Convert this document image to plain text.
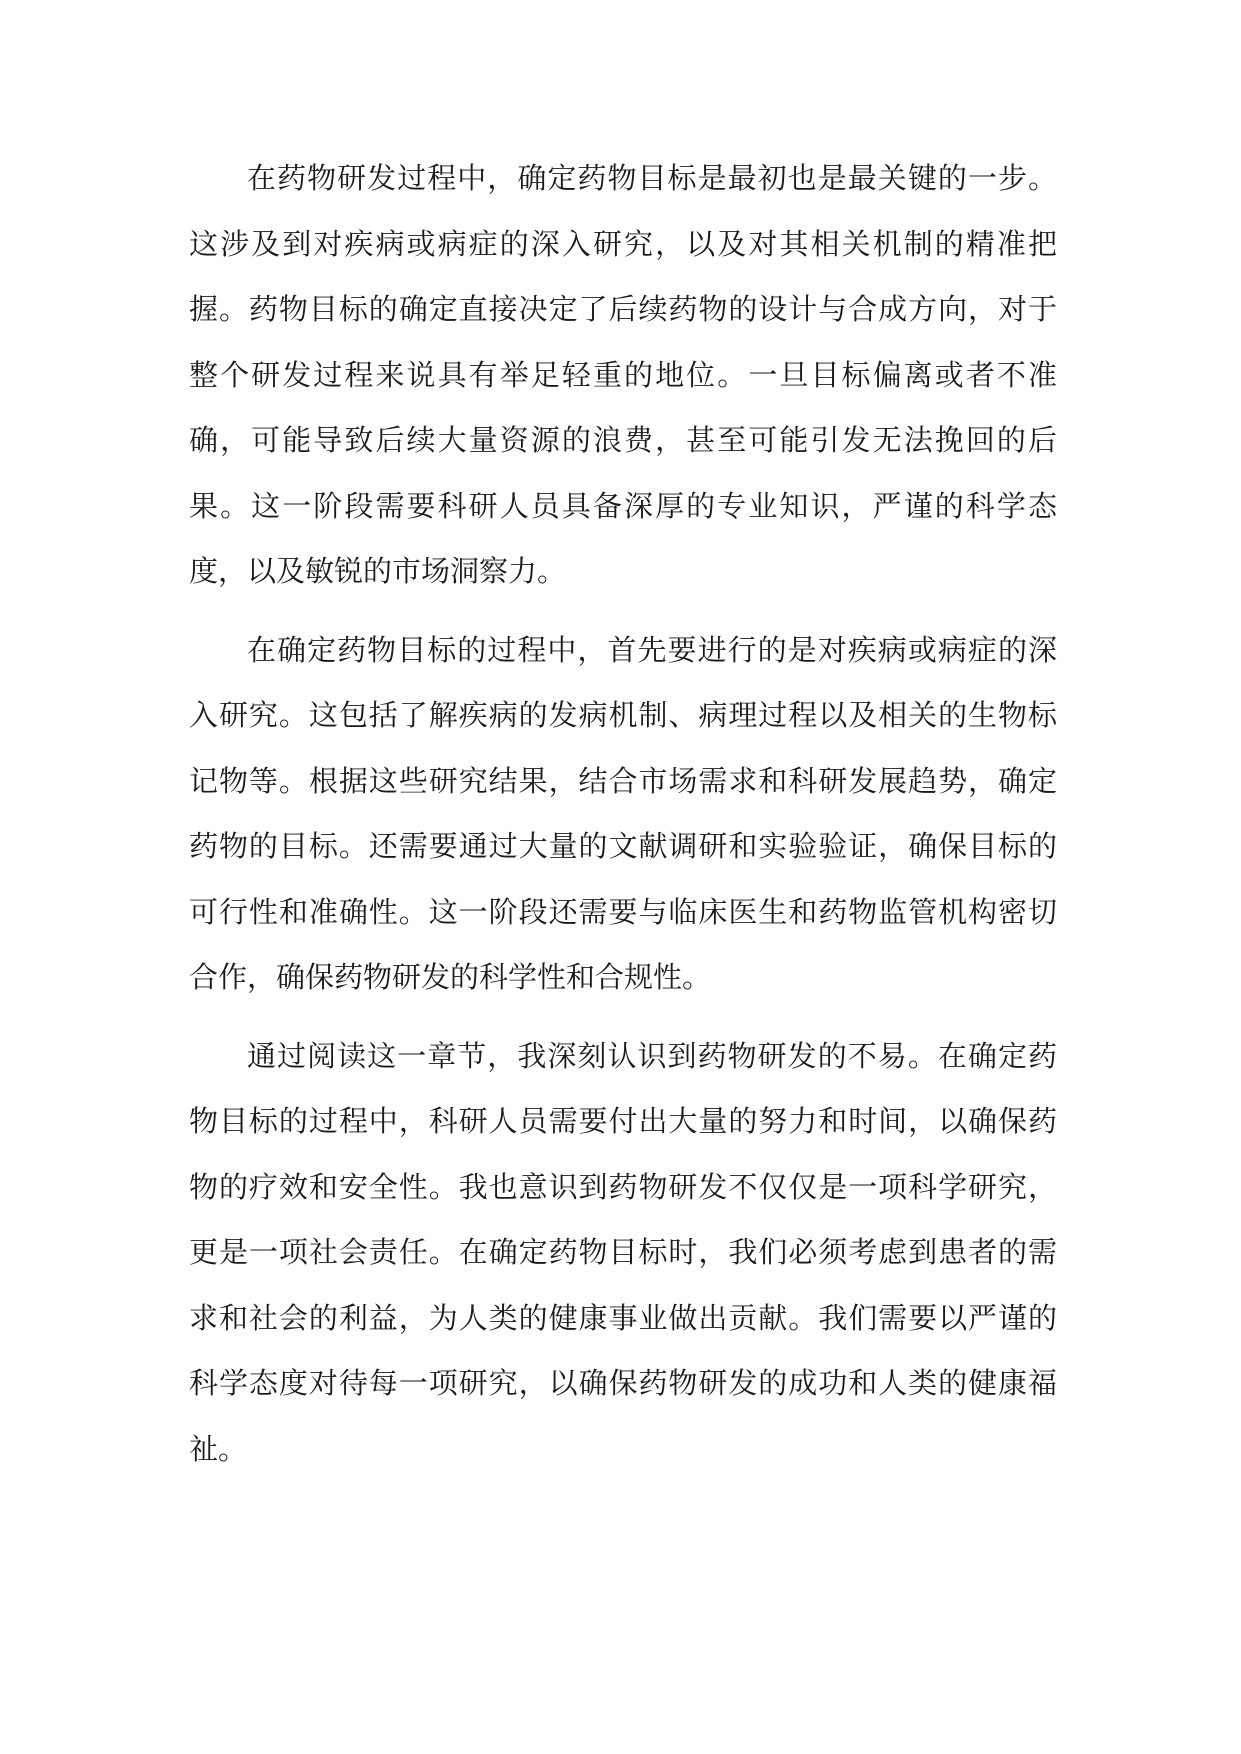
在药物研发过程中，确定药物目标是最初也是最关键的一步。这涉及到对疾病或病症的深入研究，以及对其相关机制的精准把握。药物目标的确定直接决定了后续药物的设计与合成方向，对于整个研发过程来说具有举足轻重的地位。一旦目标偏离或者不准确，可能导致后续大量资源的浪费，甚至可能引发无法挽回的后果。这一阶段需要科研人员具备深厚的专业知识，严谨的科学态度，以及敏锐的市场洞察力。

在确定药物目标的过程中，首先要进行的是对疾病或病症的深入研究。这包括了解疾病的发病机制、病理过程以及相关的生物标记物等。根据这些研究结果，结合市场需求和科研发展趋势，确定药物的目标。还需要通过大量的文献调研和实验验证，确保目标的可行性和准确性。这一阶段还需要与临床医生和药物监管机构密切合作，确保药物研发的科学性和合规性。

通过阅读这一章节，我深刻认识到药物研发的不易。在确定药物目标的过程中，科研人员需要付出大量的努力和时间，以确保药物的疗效和安全性。我也意识到药物研发不仅仅是一项科学研究，更是一项社会责任。在确定药物目标时，我们必须考虑到患者的需求和社会的利益，为人类的健康事业做出贡献。我们需要以严谨的科学态度对待每一项研究，以确保药物研发的成功和人类的健康福祉。
